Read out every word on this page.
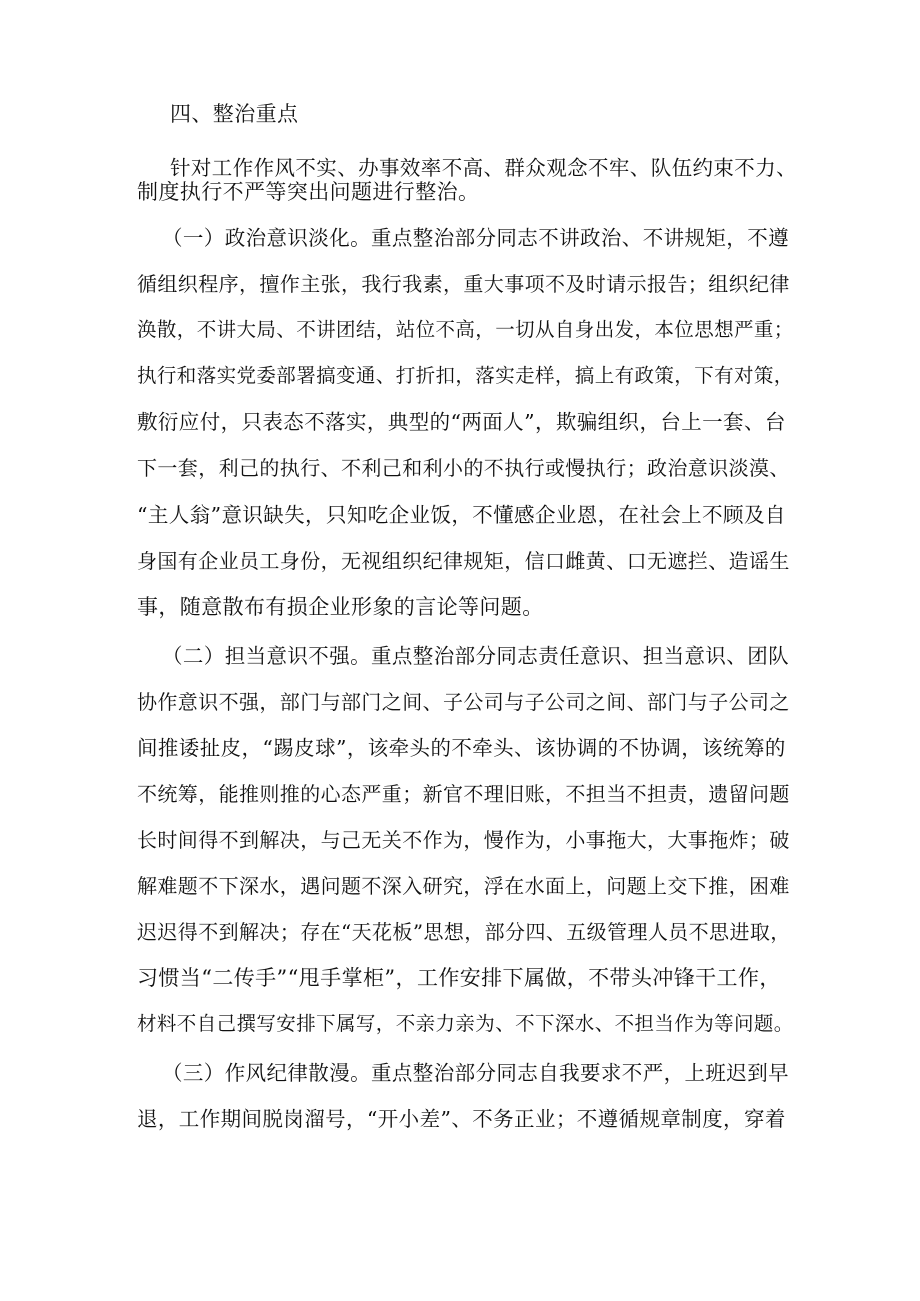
四、整治重点
针对工作作风不实、办事效率不高、群众观念不牢、队伍约束不力、
制度执行不严等突出问题进行整治。
（一）政治意识淡化。重点整治部分同志不讲政治、不讲规矩，不遵
循组织程序，擅作主张，我行我素，重大事项不及时请示报告；组织纪律
涣散，不讲大局、不讲团结，站位不高，一切从自身出发，本位思想严重；
执行和落实党委部署搞变通、打折扣，落实走样，搞上有政策，下有对策，
敷衍应付，只表态不落实，典型的“两面人”，欺骗组织，台上一套、台
下一套，利己的执行、不利己和利小的不执行或慢执行；政治意识淡漠、
“主人翁”意识缺失，只知吃企业饭，不懂感企业恩，在社会上不顾及自
身国有企业员工身份，无视组织纪律规矩，信口雌黄、口无遮拦、造谣生
事，随意散布有损企业形象的言论等问题。
（二）担当意识不强。重点整治部分同志责任意识、担当意识、团队
协作意识不强，部门与部门之间、子公司与子公司之间、部门与子公司之
间推诿扯皮，“踢皮球”，该牵头的不牵头、该协调的不协调，该统筹的
不统筹，能推则推的心态严重；新官不理旧账，不担当不担责，遗留问题
长时间得不到解决，与己无关不作为，慢作为，小事拖大，大事拖炸；破
解难题不下深水，遇问题不深入研究，浮在水面上，问题上交下推，困难
迟迟得不到解决；存在“天花板”思想，部分四、五级管理人员不思进取，
习惯当“二传手”“甩手掌柜”，工作安排下属做，不带头冲锋干工作，
材料不自己撰写安排下属写，不亲力亲为、不下深水、不担当作为等问题。
（三）作风纪律散漫。重点整治部分同志自我要求不严，上班迟到早
退，工作期间脱岗溜号，“开小差”、不务正业；不遵循规章制度，穿着
